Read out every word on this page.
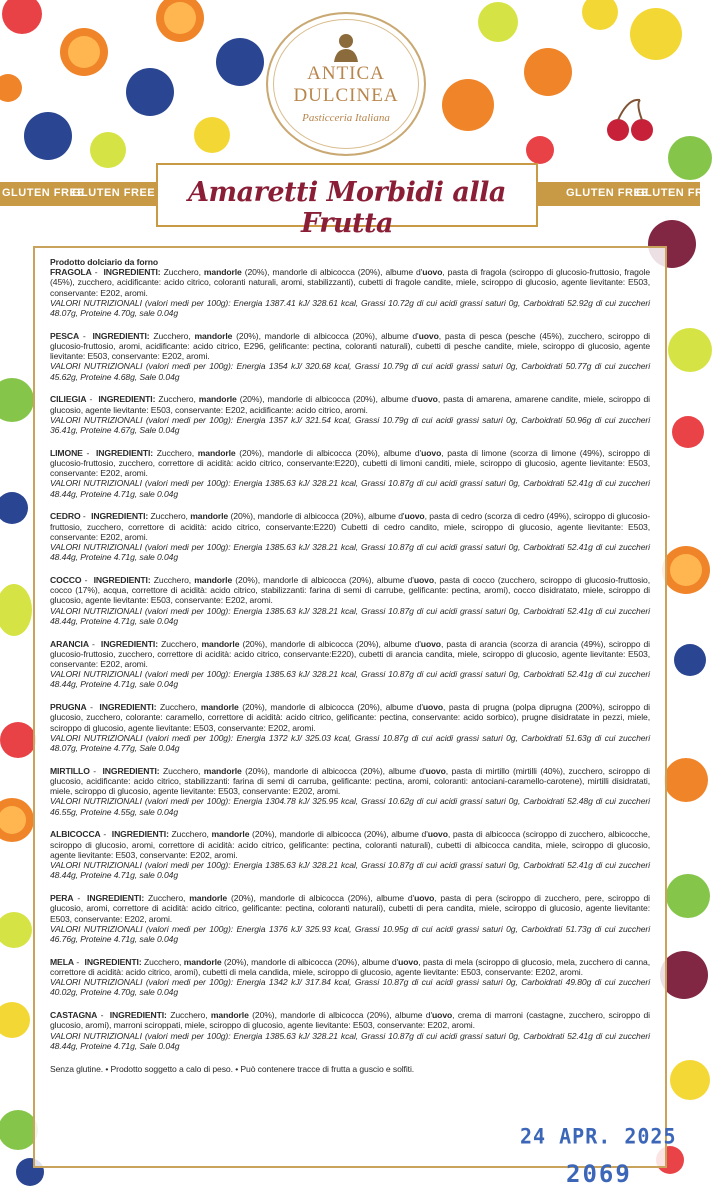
ANTICA
DULCINEA
Pasticceria Italiana
GLUTEN FREE
GLUTEN FREE	GLUTEN FREE
GLUTEN FREE
Amaretti Morbidi alla Frutta
Prodotto dolciario da forno
FRAGOLA - INGREDIENTI: Zucchero, mandorle (20%), mandorle di albicocca (20%), albume d'uovo, pasta di fragola (sciroppo di glucosio-fruttosio, fragole (45%), zucchero, acidificante: acido citrico, coloranti naturali, aromi, stabilizzanti), cubetti di fragole candite, miele, sciroppo di glucosio, agente lievitante: E503, conservante: E202, aromi.
VALORI NUTRIZIONALI (valori medi per 100g): Energia 1387.41 kJ/ 328.61 kcal, Grassi 10.72g di cui acidi grassi saturi 0g, Carboidrati 52.92g di cui zuccheri 48.07g, Proteine 4.70g, sale 0.04g
PESCA - INGREDIENTI: Zucchero, mandorle (20%), mandorle di albicocca (20%), albume d'uovo, pasta di pesca (pesche (45%), zucchero, sciroppo di glucosio-fruttosio, aromi, acidificante: acido citrico, E296, gelificante: pectina, coloranti naturali), cubetti di pesche candite, miele, sciroppo di glucosio, agente lievitante: E503, conservante: E202, aromi.
VALORI NUTRIZIONALI (valori medi per 100g): Energia 1354 kJ/ 320.68 kcal, Grassi 10.79g di cui acidi grassi saturi 0g, Carboidrati 50.77g di cui zuccheri 45.62g, Proteine 4.68g, Sale 0.04g
CILIEGIA - INGREDIENTI: Zucchero, mandorle (20%), mandorle di albicocca (20%), albume d'uovo, pasta di amarena, amarene candite, miele, sciroppo di glucosio, agente lievitante: E503, conservante: E202, acidificante: acido citrico, aromi.
VALORI NUTRIZIONALI (valori medi per 100g): Energia 1357 kJ/ 321.54 kcal, Grassi 10.79g di cui acidi grassi saturi 0g, Carboidrati 50.96g di cui zuccheri 36.41g, Proteine 4.67g, Sale 0.04g
LIMONE - INGREDIENTI: Zucchero, mandorle (20%), mandorle di albicocca (20%), albume d'uovo, pasta di limone (scorza di limone (49%), sciroppo di glucosio-fruttosio, zucchero, correttore di acidità: acido citrico, conservante:E220), cubetti di limoni canditi, miele, sciroppo di glucosio, agente lievitante: E503, conservante: E202, aromi.
VALORI NUTRIZIONALI (valori medi per 100g): Energia 1385.63 kJ/ 328.21 kcal, Grassi 10.87g di cui acidi grassi saturi 0g, Carboidrati 52.41g di cui zuccheri 48.44g, Proteine 4.71g, sale 0.04g
CEDRO - INGREDIENTI: Zucchero, mandorle (20%), mandorle di albicocca (20%), albume d'uovo, pasta di cedro (scorza di cedro (49%), sciroppo di glucosio-fruttosio, zucchero, correttore di acidità: acido citrico, conservante:E220) Cubetti di cedro candito, miele, sciroppo di glucosio, agente lievitante: E503, conservante: E202, aromi.
VALORI NUTRIZIONALI (valori medi per 100g): Energia 1385.63 kJ/ 328.21 kcal, Grassi 10.87g di cui acidi grassi saturi 0g, Carboidrati 52.41g di cui zuccheri 48.44g, Proteine 4.71g, sale 0.04g
COCCO - INGREDIENTI: Zucchero, mandorle (20%), mandorle di albicocca (20%), albume d'uovo, pasta di cocco (zucchero, sciroppo di glucosio-fruttosio, cocco (17%), acqua, correttore di acidità: acido citrico, stabilizzanti: farina di semi di carrube, gelificante: pectina, aromi), cocco disidratato, miele, sciroppo di glucosio, agente lievitante: E503, conservante: E202, aromi.
VALORI NUTRIZIONALI (valori medi per 100g): Energia 1385.63 kJ/ 328.21 kcal, Grassi 10.87g di cui acidi grassi saturi 0g, Carboidrati 52.41g di cui zuccheri 48.44g, Proteine 4.71g, sale 0.04g
ARANCIA - INGREDIENTI: Zucchero, mandorle (20%), mandorle di albicocca (20%), albume d'uovo, pasta di arancia (scorza di arancia (49%), sciroppo di glucosio-fruttosio, zucchero, correttore di acidità: acido citrico, conservante:E220), cubetti di arancia candita, miele, sciroppo di glucosio, agente lievitante: E503, conservante: E202, aromi.
VALORI NUTRIZIONALI (valori medi per 100g): Energia 1385.63 kJ/ 328.21 kcal, Grassi 10.87g di cui acidi grassi saturi 0g, Carboidrati 52.41g di cui zuccheri 48.44g, Proteine 4.71g, sale 0.04g
PRUGNA - INGREDIENTI: Zucchero, mandorle (20%), mandorle di albicocca (20%), albume d'uovo, pasta di prugna (polpa diprugna (200%), sciroppo di glucosio, zucchero, colorante: caramello, correttore di acidità: acido citrico, gelificante: pectina, conservante: acido sorbico), prugne disidratate in pezzi, miele, sciroppo di glucosio, agente lievitante: E503, conservante: E202, aromi.
VALORI NUTRIZIONALI (valori medi per 100g): Energia 1372 kJ/ 325.03 kcal, Grassi 10.87g di cui acidi grassi saturi 0g, Carboidrati 51.63g di cui zuccheri 48.07g, Proteine 4.77g, Sale 0.04g
MIRTILLO - INGREDIENTI: Zucchero, mandorle (20%), mandorle di albicocca (20%), albume d'uovo, pasta di mirtillo (mirtilli (40%), zucchero, sciroppo di glucosio, acidificante: acido citrico, stabilizzanti: farina di semi di carruba, gelificante: pectina, aromi, coloranti: antociani-caramello-carotene), mirtilli disidratati, miele, sciroppo di glucosio, agente lievitante: E503, conservante: E202, aromi.
VALORI NUTRIZIONALI (valori medi per 100g): Energia 1304.78 kJ/ 325.95 kcal, Grassi 10.62g di cui acidi grassi saturi 0g, Carboidrati 52.48g di cui zuccheri 46.55g, Proteine 4.55g, sale 0.04g
ALBICOCCA - INGREDIENTI: Zucchero, mandorle (20%), mandorle di albicocca (20%), albume d'uovo, pasta di albicocca (sciroppo di zucchero, albicocche, sciroppo di glucosio, aromi, correttore di acidità: acido citrico, gelificante: pectina, coloranti naturali), cubetti di albicocca candita, miele, sciroppo di glucosio, agente lievitante: E503, conservante: E202, aromi.
VALORI NUTRIZIONALI (valori medi per 100g): Energia 1385.63 kJ/ 328.21 kcal, Grassi 10.87g di cui acidi grassi saturi 0g, Carboidrati 52.41g di cui zuccheri 48.44g, Proteine 4.71g, sale 0.04g
PERA - INGREDIENTI: Zucchero, mandorle (20%), mandorle di albicocca (20%), albume d'uovo, pasta di pera (sciroppo di zucchero, pere, sciroppo di glucosio, aromi, correttore di acidità: acido citrico, gelificante: pectina, coloranti naturali), cubetti di pera candita, miele, sciroppo di glucosio, agente lievitante: E503, conservante: E202, aromi.
VALORI NUTRIZIONALI (valori medi per 100g): Energia 1376 kJ/ 325.93 kcal, Grassi 10.95g di cui acidi grassi saturi 0g, Carboidrati 51.73g di cui zuccheri 46.76g, Proteine 4.71g, sale 0.04g
MELA - INGREDIENTI: Zucchero, mandorle (20%), mandorle di albicocca (20%), albume d'uovo, pasta di mela (sciroppo di glucosio, mela, zucchero di canna, correttore di acidità: acido citrico, aromi), cubetti di mela candida, miele, sciroppo di glucosio, agente lievitante: E503, conservante: E202, aromi.
VALORI NUTRIZIONALI (valori medi per 100g): Energia 1342 kJ/ 317.84 kcal, Grassi 10.87g di cui acidi grassi saturi 0g, Carboidrati 49.80g di cui zuccheri 40.02g, Proteine 4.70g, sale 0.04g
CASTAGNA - INGREDIENTI: Zucchero, mandorle (20%), mandorle di albicocca (20%), albume d'uovo, crema di marroni (castagne, zucchero, sciroppo di glucosio, aromi), marroni sciroppati, miele, sciroppo di glucosio, agente lievitante: E503, conservante: E202, aromi.
VALORI NUTRIZIONALI (valori medi per 100g): Energia 1385.63 kJ/ 328.21 kcal, Grassi 10.87g di cui acidi grassi saturi 0g, Carboidrati 52.41g di cui zuccheri 48.44g, Proteine 4.71g, Sale 0.04g
Senza glutine. • Prodotto soggetto a calo di peso. • Può contenere tracce di frutta a guscio e solfiti.
24 APR. 2025
2069
